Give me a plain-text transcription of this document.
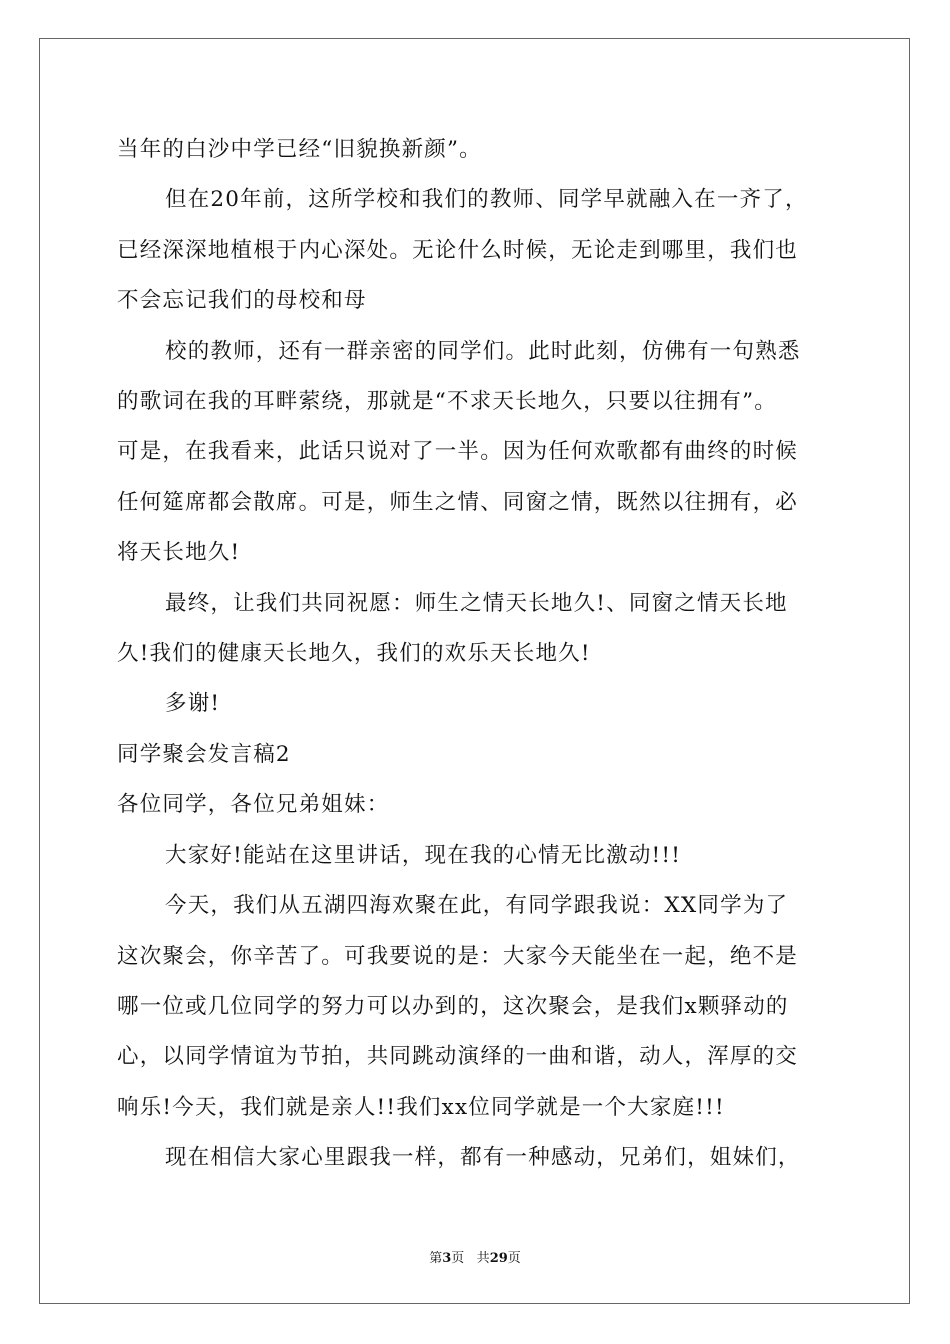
当年的白沙中学已经“旧貌换新颜”。

但在20年前，这所学校和我们的教师、同学早就融入在一齐了，

已经深深地植根于内心深处。无论什么时候，无论走到哪里，我们也

不会忘记我们的母校和母

校的教师，还有一群亲密的同学们。此时此刻，仿佛有一句熟悉

的歌词在我的耳畔萦绕，那就是“不求天长地久，只要以往拥有”。

可是，在我看来，此话只说对了一半。因为任何欢歌都有曲终的时候

任何筵席都会散席。可是，师生之情、同窗之情，既然以往拥有，必

将天长地久!

最终，让我们共同祝愿：师生之情天长地久!、同窗之情天长地

久!我们的健康天长地久，我们的欢乐天长地久!

多谢!

同学聚会发言稿2

各位同学，各位兄弟姐妹：

大家好!能站在这里讲话，现在我的心情无比激动!!!

今天，我们从五湖四海欢聚在此，有同学跟我说：XX同学为了

这次聚会，你辛苦了。可我要说的是：大家今天能坐在一起，绝不是

哪一位或几位同学的努力可以办到的，这次聚会，是我们x颗驿动的

心，以同学情谊为节拍，共同跳动演绎的一曲和谐，动人，浑厚的交

响乐!今天，我们就是亲人!!我们xx位同学就是一个大家庭!!!

现在相信大家心里跟我一样，都有一种感动，兄弟们，姐妹们，

第3页 共29页
